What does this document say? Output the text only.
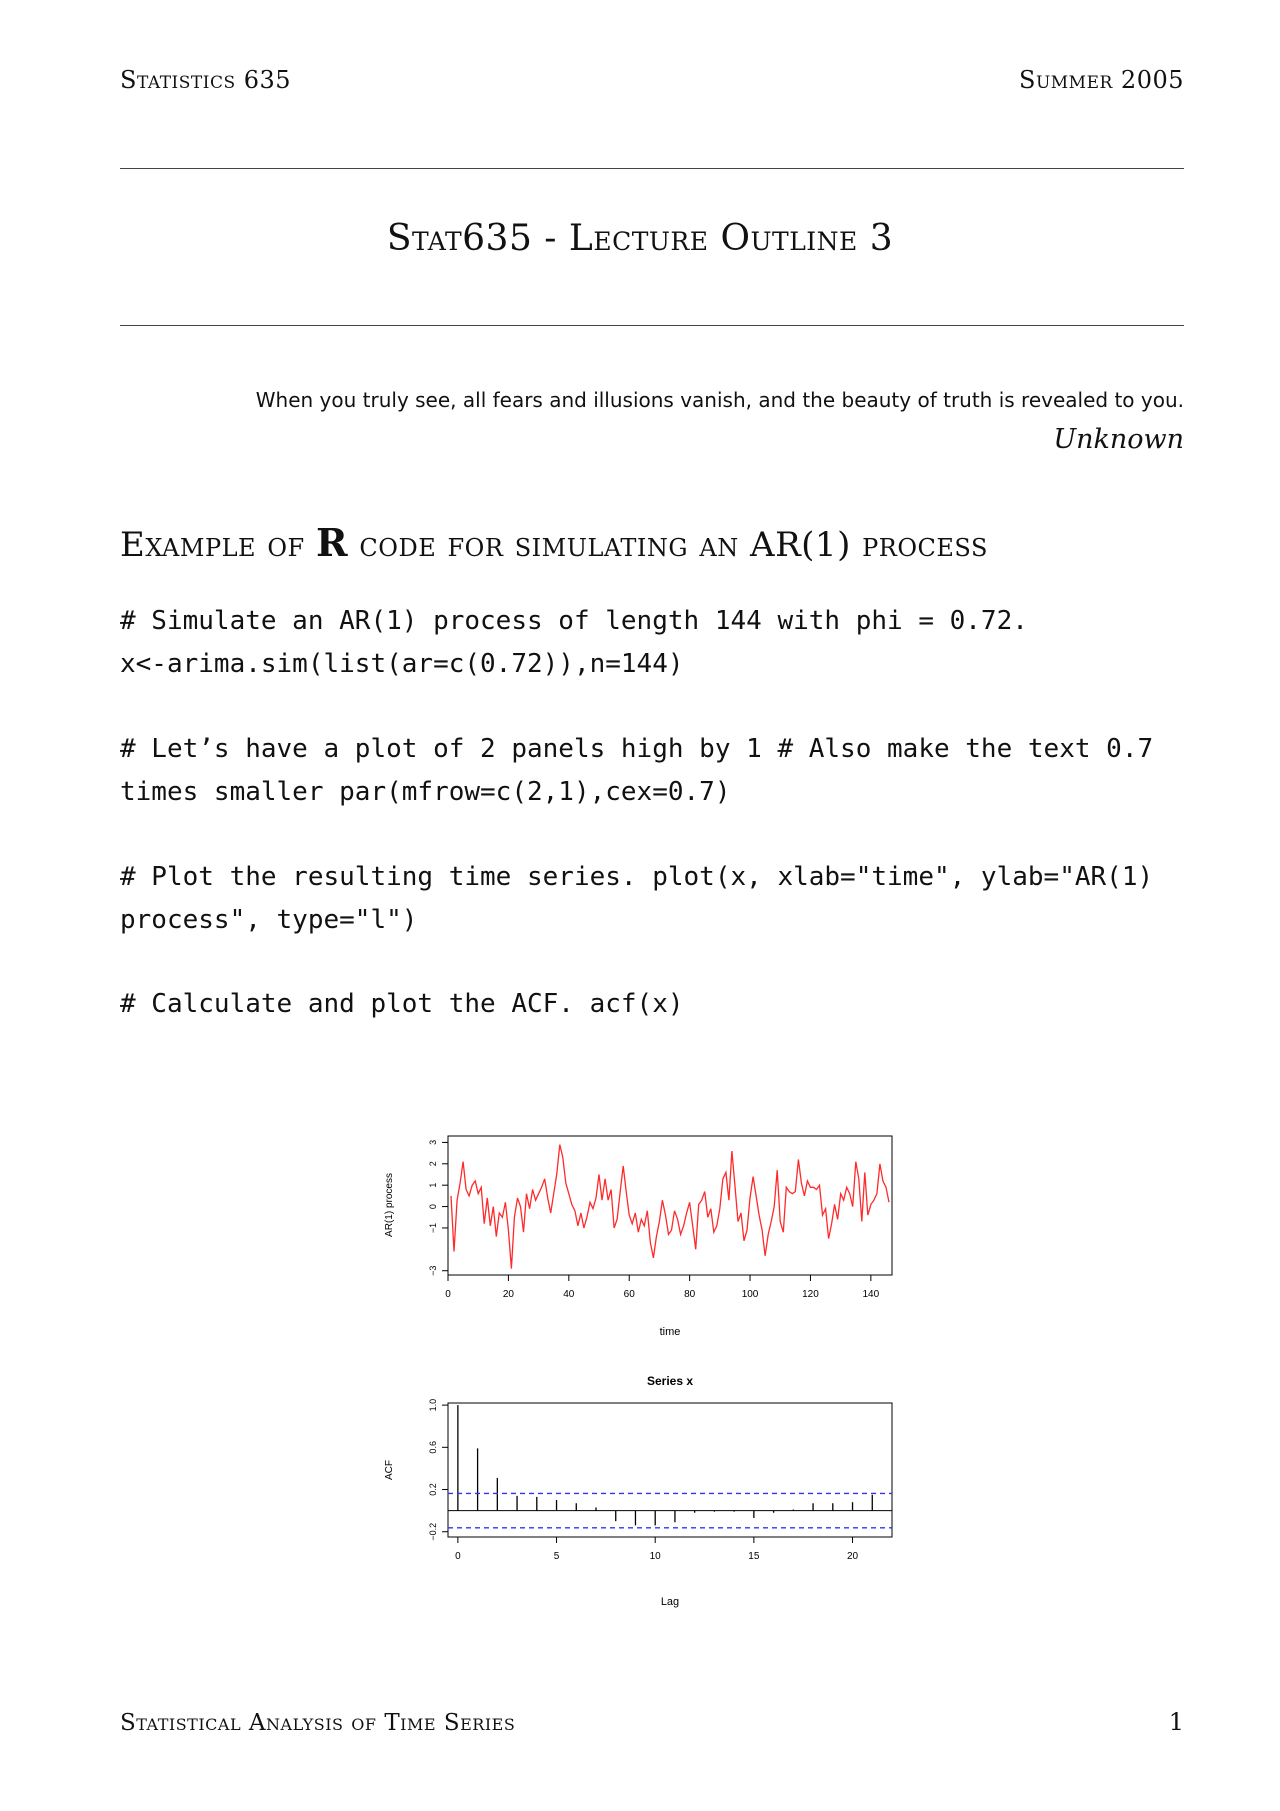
Statistics 635	Summer 2005
Stat635 - Lecture Outline 3
When you truly see, all fears and illusions vanish, and the beauty of truth is revealed to you.
Unknown
Example of R code for simulating an AR(1) process
# Simulate an AR(1) process of length 144 with phi = 0.72.
x<-arima.sim(list(ar=c(0.72)),n=144)
# Let’s have a plot of 2 panels high by 1 # Also make the text 0.7
times smaller par(mfrow=c(2,1),cex=0.7)
# Plot the resulting time series. plot(x, xlab="time", ylab="AR(1)
process", type="l")
# Calculate and plot the ACF. acf(x)
0	20	40	60	80	100	120	140
−3
−1
0
1
2
3
time
AR(1) process
Series x
0	5	10	15	20
−0.2
0.2
0.6
1.0
Lag
ACF
Statistical Analysis of Time Series	1
